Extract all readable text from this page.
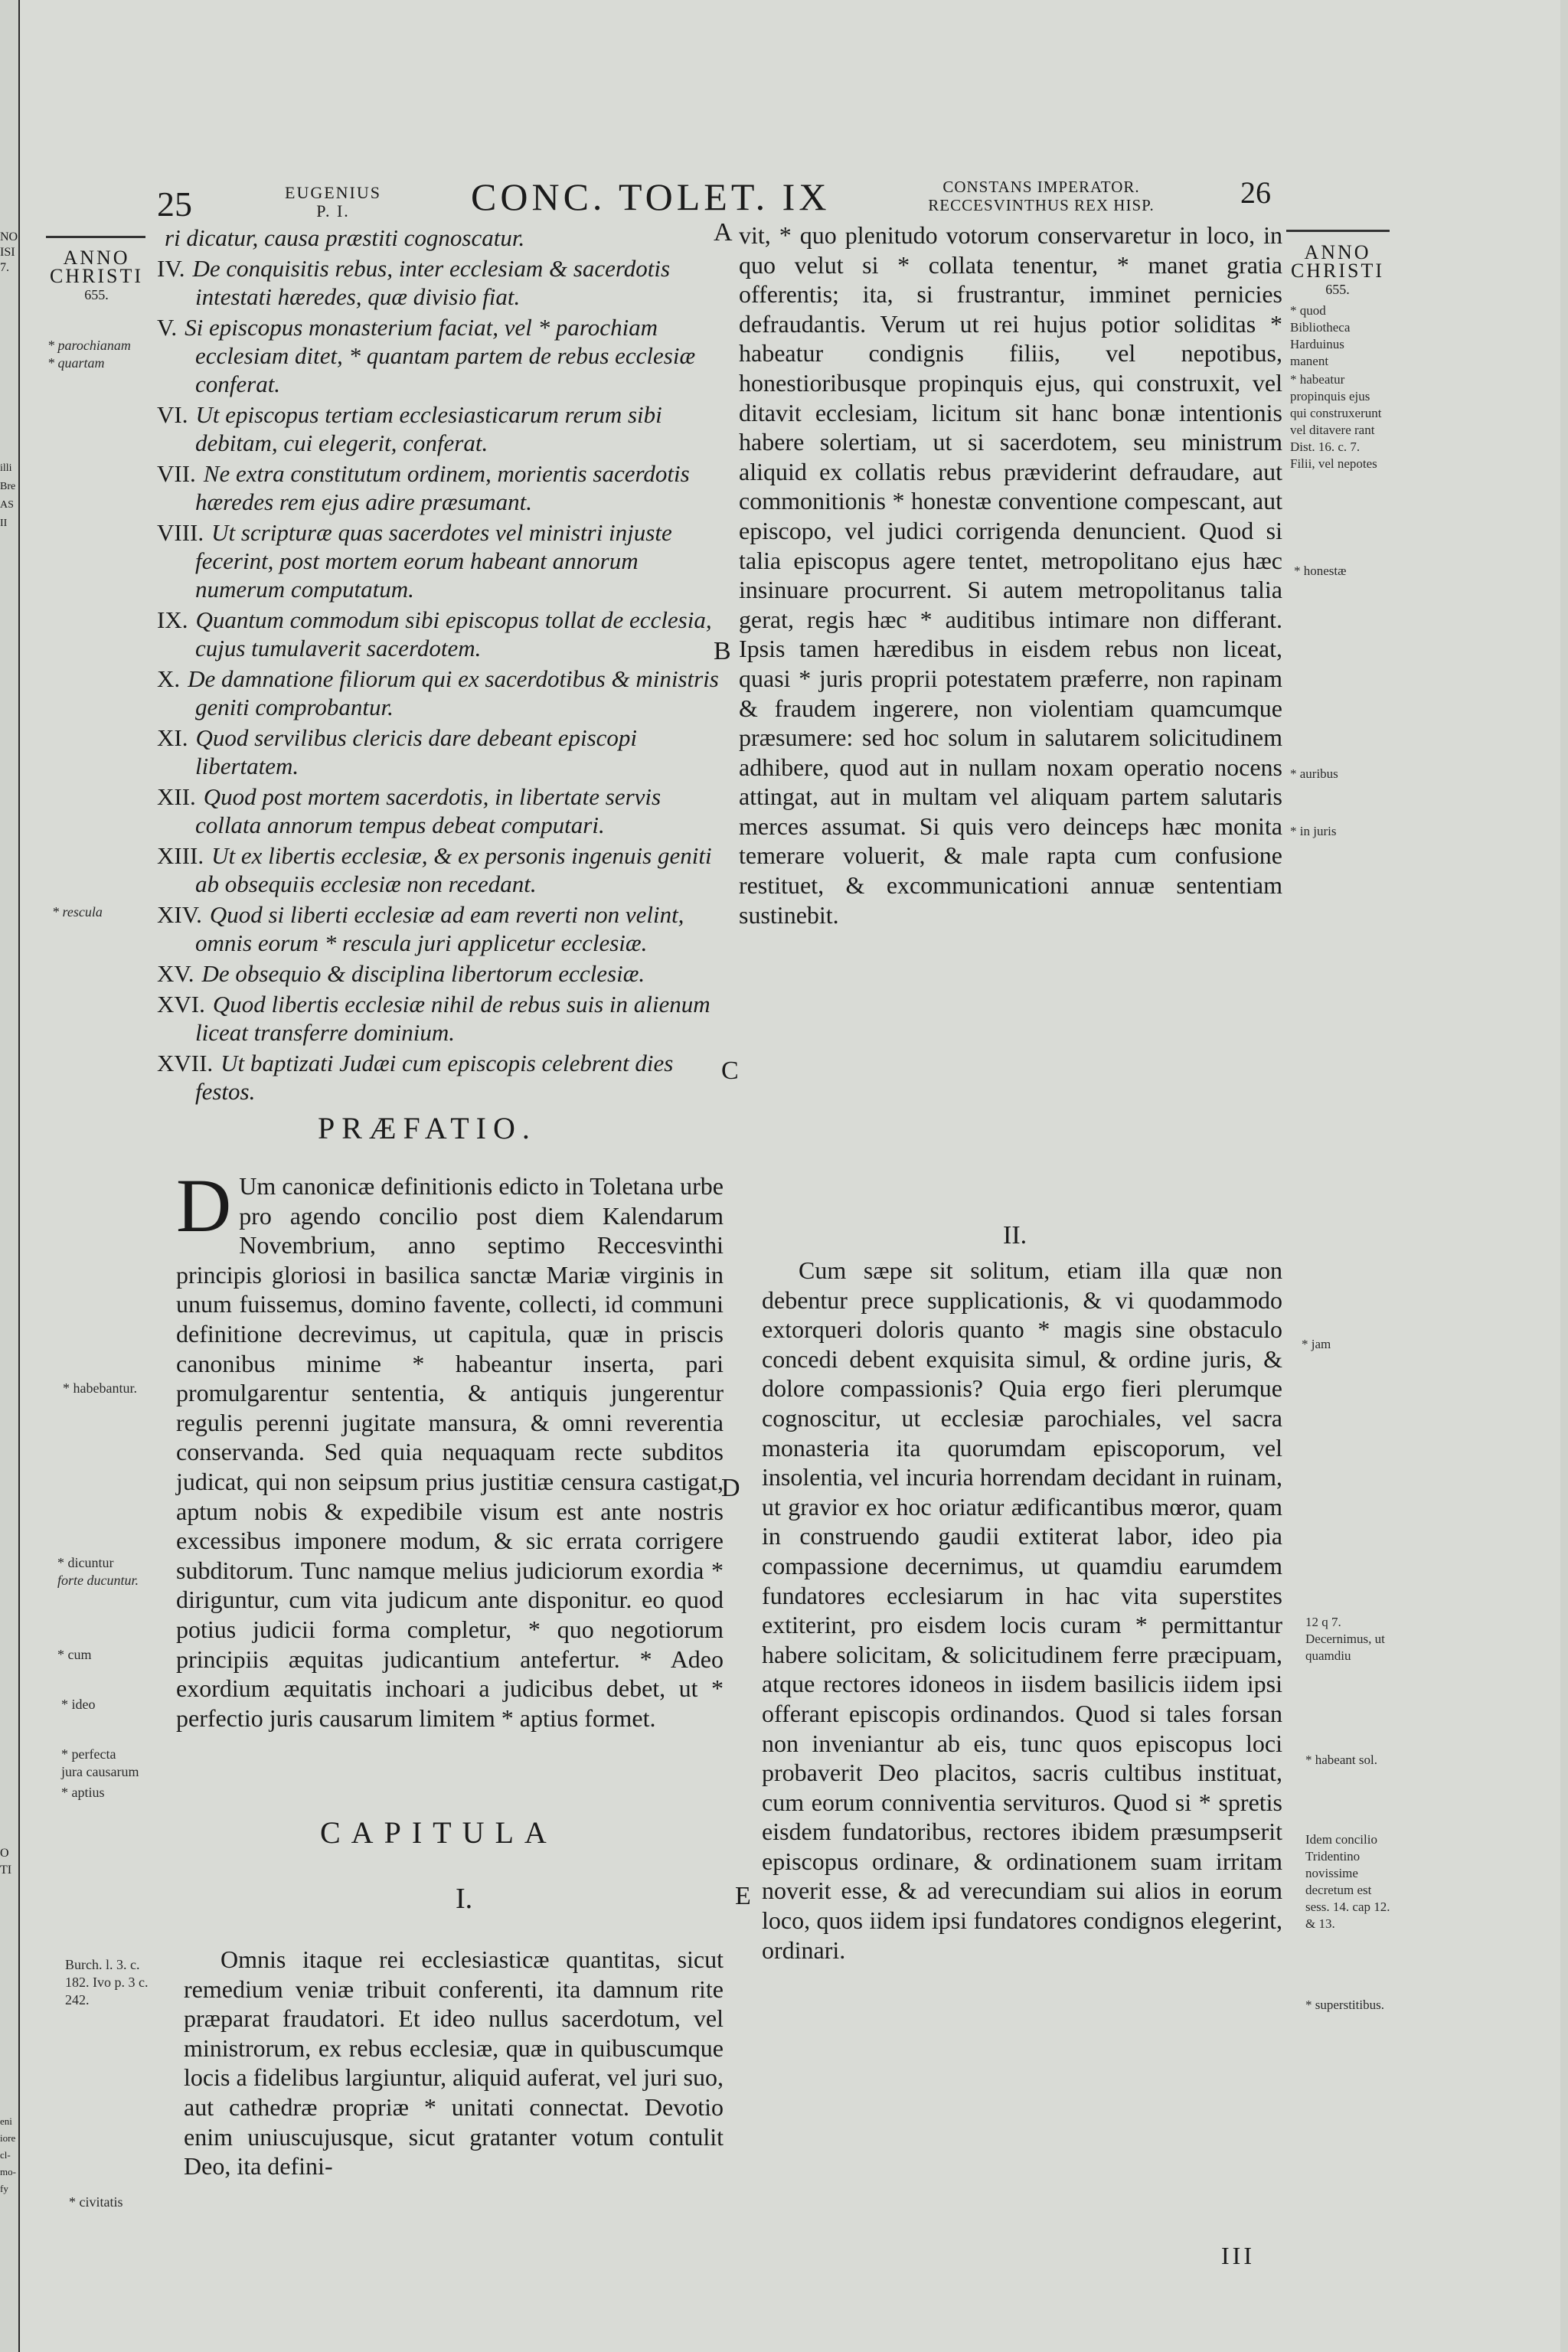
NO
ISI
7.
illi
Bre
AS II
O
TI
eni
iore
cl-
mo-
fy
25	EUGENIUS
P. I.	CONC. TOLET. IX	CONSTANS IMPERATOR.
RECCESVINTHUS REX HISP.	26
ANNO
CHRISTI
655.
ANNO
CHRISTI
655.
ri dicatur, causa præstiti cognoscatur.
IV. De conquisitis rebus, inter ecclesiam & sacerdotis intestati hæredes, quæ divisio fiat.
V. Si episcopus monasterium faciat, vel * parochiam ecclesiam ditet, * quantam partem de rebus ecclesiæ conferat.
VI. Ut episcopus tertiam ecclesiasticarum rerum sibi debitam, cui elegerit, conferat.
VII. Ne extra constitutum ordinem, morientis sacerdotis hæredes rem ejus adire præsumant.
VIII. Ut scripturæ quas sacerdotes vel ministri injuste fecerint, post mortem eorum habeant annorum numerum computatum.
IX. Quantum commodum sibi episcopus tollat de ecclesia, cujus tumulaverit sacerdotem.
X. De damnatione filiorum qui ex sacerdotibus & ministris geniti comprobantur.
XI. Quod servilibus clericis dare debeant episcopi libertatem.
XII. Quod post mortem sacerdotis, in libertate servis collata annorum tempus debeat computari.
XIII. Ut ex libertis ecclesiæ, & ex personis ingenuis geniti ab obsequiis ecclesiæ non recedant.
XIV. Quod si liberti ecclesiæ ad eam reverti non velint, omnis eorum * resculа juri applicetur ecclesiæ.
XV. De obsequio & disciplina libertorum ecclesiæ.
XVI. Quod libertis ecclesiæ nihil de rebus suis in alienum liceat transferre dominium.
XVII. Ut baptizati Judæi cum episcopis celebrent dies festos.
PRÆFATIO.
D Um canonicæ definitionis edicto in Toletana urbe pro agendo concilio post diem Kalendarum Novembrium, anno septimo Reccesvinthi principis gloriosi in basilica sanctæ Mariæ virginis in unum fuissemus, domino favente, collecti, id communi definitione decrevimus, ut capitula, quæ in priscis canonibus minime * habeantur inserta, pari promulgarentur sententia, & antiquis jungerentur regulis perenni jugitate mansura, & omni reverentia conservanda. Sed quia nequaquam recte subditos judicat, qui non seipsum prius justitiæ censura castigat, aptum nobis & expedibile visum est ante nostris excessibus imponere modum, & sic errata corrigere subditorum. Tunc namque melius judiciorum exordia * diriguntur, cum vita judicum ante disponitur. eo quod potius judicii forma completur, * quo negotiorum principiis æquitas judicantium antefertur. * Adeo exordium æquitatis inchoari a judicibus debet, ut * perfectio juris causarum limitem * aptius formet.
CAPITULA
I.
Omnis itaque rei ecclesiasticæ quantitas, sicut remedium veniæ tribuit conferenti, ita damnum rite præparat fraudatori. Et ideo nullus sacerdotum, vel ministrorum, ex rebus ecclesiæ, quæ in quibuscumque locis a fidelibus largiuntur, aliquid auferat, vel juri suo, aut cathedræ propriæ * unitati connectat. Devotio enim uniuscujusque, sicut gratanter votum contulit Deo, ita defini-
vit, * quo plenitudo votorum conservaretur in loco, in quo velut si * collata tenentur, * manet gratia offerentis; ita, si frustrantur, imminet pernicies defraudantis. Verum ut rei hujus potior soliditas * habeatur condignis filiis, vel nepotibus, honestioribusque propinquis ejus, qui construxit, vel ditavit ecclesiam, licitum sit hanc bonæ intentionis habere solertiam, ut si sacerdotem, seu ministrum aliquid ex collatis rebus præviderint defraudare, aut commonitionis * honestæ conventione compescant, aut episcopo, vel judici corrigenda denuncient. Quod si talia episcopus agere tentet, metropolitano ejus hæc insinuare procurrent. Si autem metropolitanus talia gerat, regis hæc * auditibus intimare non differant. Ipsis tamen hæredibus in eisdem rebus non liceat, quasi * juris proprii potestatem præferre, non rapinam & fraudem ingerere, non violentiam quamcumque præsumere: sed hoc solum in salutarem solicitudinem adhibere, quod aut in nullam noxam operatio nocens attingat, aut in multam vel aliquam partem salutaris merces assumat. Si quis vero deinceps hæc monita temerare voluerit, & male rapta cum confusione restituet, & excommunicationi annuæ sententiam sustinebit.
II.
Cum sæpe sit solitum, etiam illa quæ non debentur prece supplicationis, & vi quodammodo extorqueri doloris quanto * magis sine obstaculo concedi debent exquisita simul, & ordine juris, & dolore compassionis? Quia ergo fieri plerumque cognoscitur, ut ecclesiæ parochiales, vel sacra monasteria ita quorumdam episcoporum, vel insolentia, vel incuria horrendam decidant in ruinam, ut gravior ex hoc oriatur ædificantibus mœror, quam in construendo gaudii extiterat labor, ideo pia compassione decernimus, ut quamdiu earumdem fundatores ecclesiarum in hac vita superstites extiterint, pro eisdem locis curam * permittantur habere solicitam, & solicitudinem ferre præcipuam, atque rectores idoneos in iisdem basilicis iidem ipsi offerant episcopis ordinandos. Quod si tales forsan non inveniantur ab eis, tunc quos episcopus loci probaverit Deo placitos, sacris cultibus instituat, cum eorum conniventia servituros. Quod si * spretis eisdem fundatoribus, rectores ibidem præsumpserit episcopus ordinare, & ordinationem suam irritam noverit esse, & ad verecundiam sui alios in eorum loco, quos iidem ipsi fundatores condignos elegerint, ordinari.
A
B
C
D
E
* parochianam
* quartam
* resculа
* habebantur.
* dicuntur
forte ducuntur.
* cum
* ideo
* perfecta
jura causarum
* aptius
Burch. l. 3. c. 182. Ivo p. 3 c. 242.
* civitatis
* quod Bibliotheca Harduinus manent
* habeatur propinquis ejus qui construxerunt vel ditavere rant Dist. 16. c. 7. Filii, vel nepotes
* honestæ
* auribus
* in juris
* jam
12 q 7. Decernimus, ut quamdiu
* habeant sol.
Idem concilio Tridentino novissime decretum est sess. 14. cap 12. & 13.
* superstitibus.
III
